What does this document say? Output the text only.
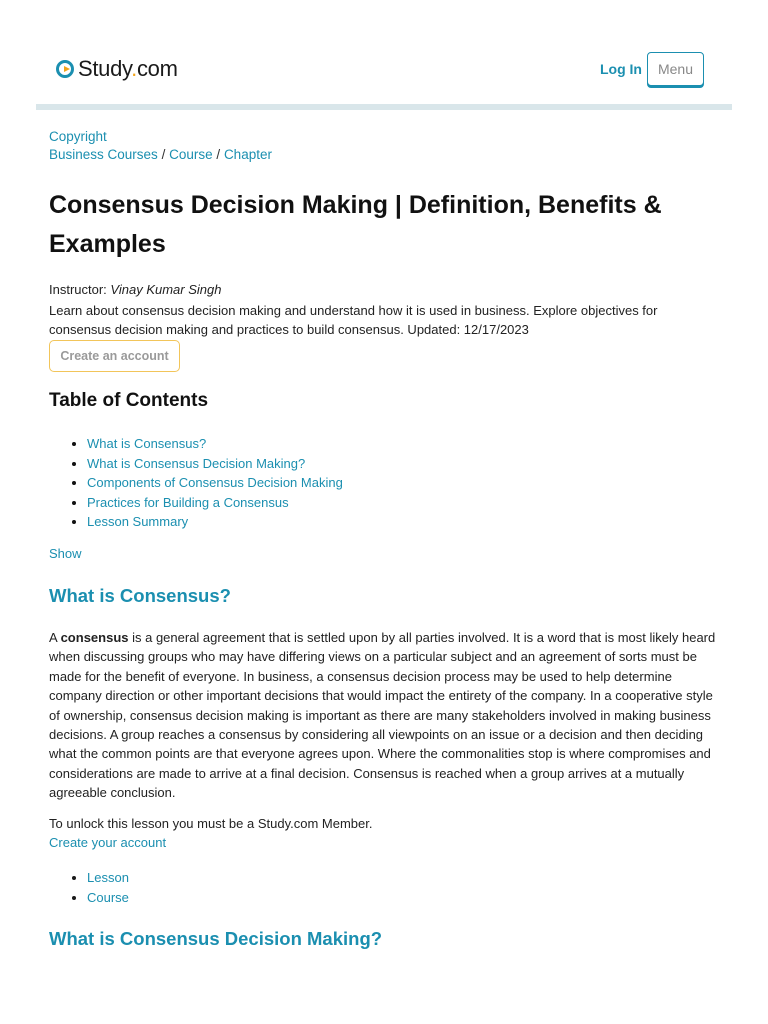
Study.com	Log In	Menu
Copyright
Business Courses / Course / Chapter
Consensus Decision Making | Definition, Benefits & Examples
Instructor: Vinay Kumar Singh
Learn about consensus decision making and understand how it is used in business. Explore objectives for consensus decision making and practices to build consensus. Updated: 12/17/2023
Create an account
Table of Contents
• What is Consensus?
• What is Consensus Decision Making?
• Components of Consensus Decision Making
• Practices for Building a Consensus
• Lesson Summary
Show
What is Consensus?

A consensus is a general agreement that is settled upon by all parties involved. It is a word that is most likely heard when discussing groups who may have differing views on a particular subject and an agreement of sorts must be made for the benefit of everyone. In business, a consensus decision process may be used to help determine company direction or other important decisions that would impact the entirety of the company. In a cooperative style of ownership, consensus decision making is important as there are many stakeholders involved in making business decisions. A group reaches a consensus by considering all viewpoints on an issue or a decision and then deciding what the common points are that everyone agrees upon. Where the commonalities stop is where compromises and considerations are made to arrive at a final decision. Consensus is reached when a group arrives at a mutually agreeable conclusion.

To unlock this lesson you must be a Study.com Member.
Create your account
• Lesson
• Course
What is Consensus Decision Making?
